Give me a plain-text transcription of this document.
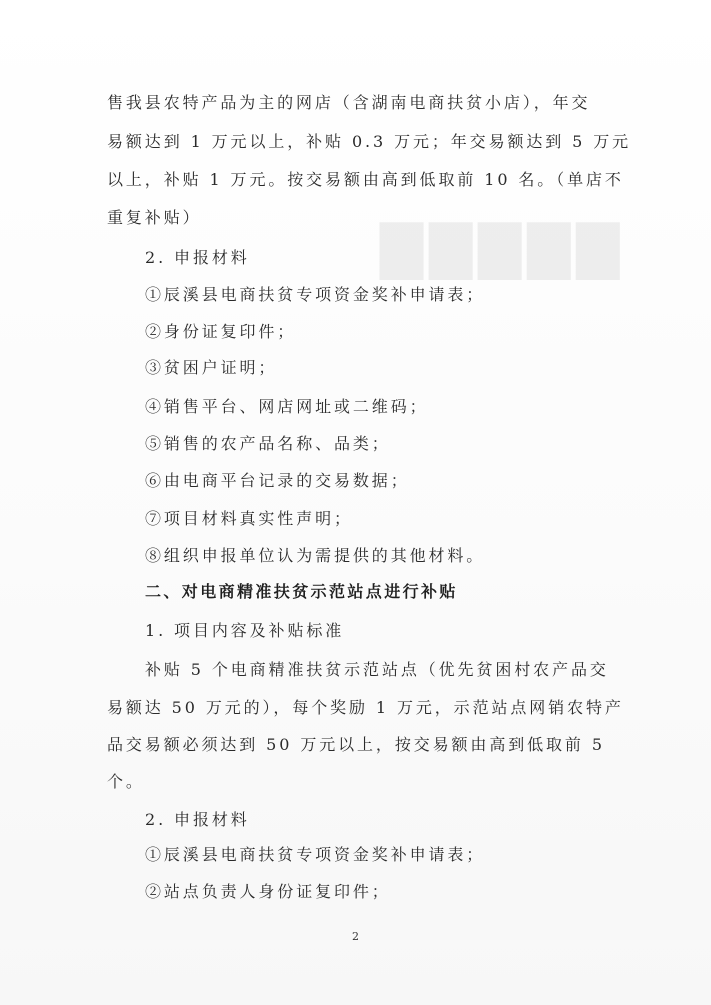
▇▇▇▇▇
售我县农特产品为主的网店（含湖南电商扶贫小店），年交
易额达到 1 万元以上，补贴 0.3 万元；年交易额达到 5 万元
以上，补贴 1 万元。按交易额由高到低取前 10 名。（单店不
重复补贴）
2. 申报材料
①辰溪县电商扶贫专项资金奖补申请表；
②身份证复印件；
③贫困户证明；
④销售平台、网店网址或二维码；
⑤销售的农产品名称、品类；
⑥由电商平台记录的交易数据；
⑦项目材料真实性声明；
⑧组织申报单位认为需提供的其他材料。
二、对电商精准扶贫示范站点进行补贴
1. 项目内容及补贴标准
补贴 5 个电商精准扶贫示范站点（优先贫困村农产品交
易额达 50 万元的），每个奖励 1 万元，示范站点网销农特产
品交易额必须达到 50 万元以上，按交易额由高到低取前 5
个。
2. 申报材料
①辰溪县电商扶贫专项资金奖补申请表；
②站点负责人身份证复印件；
2
